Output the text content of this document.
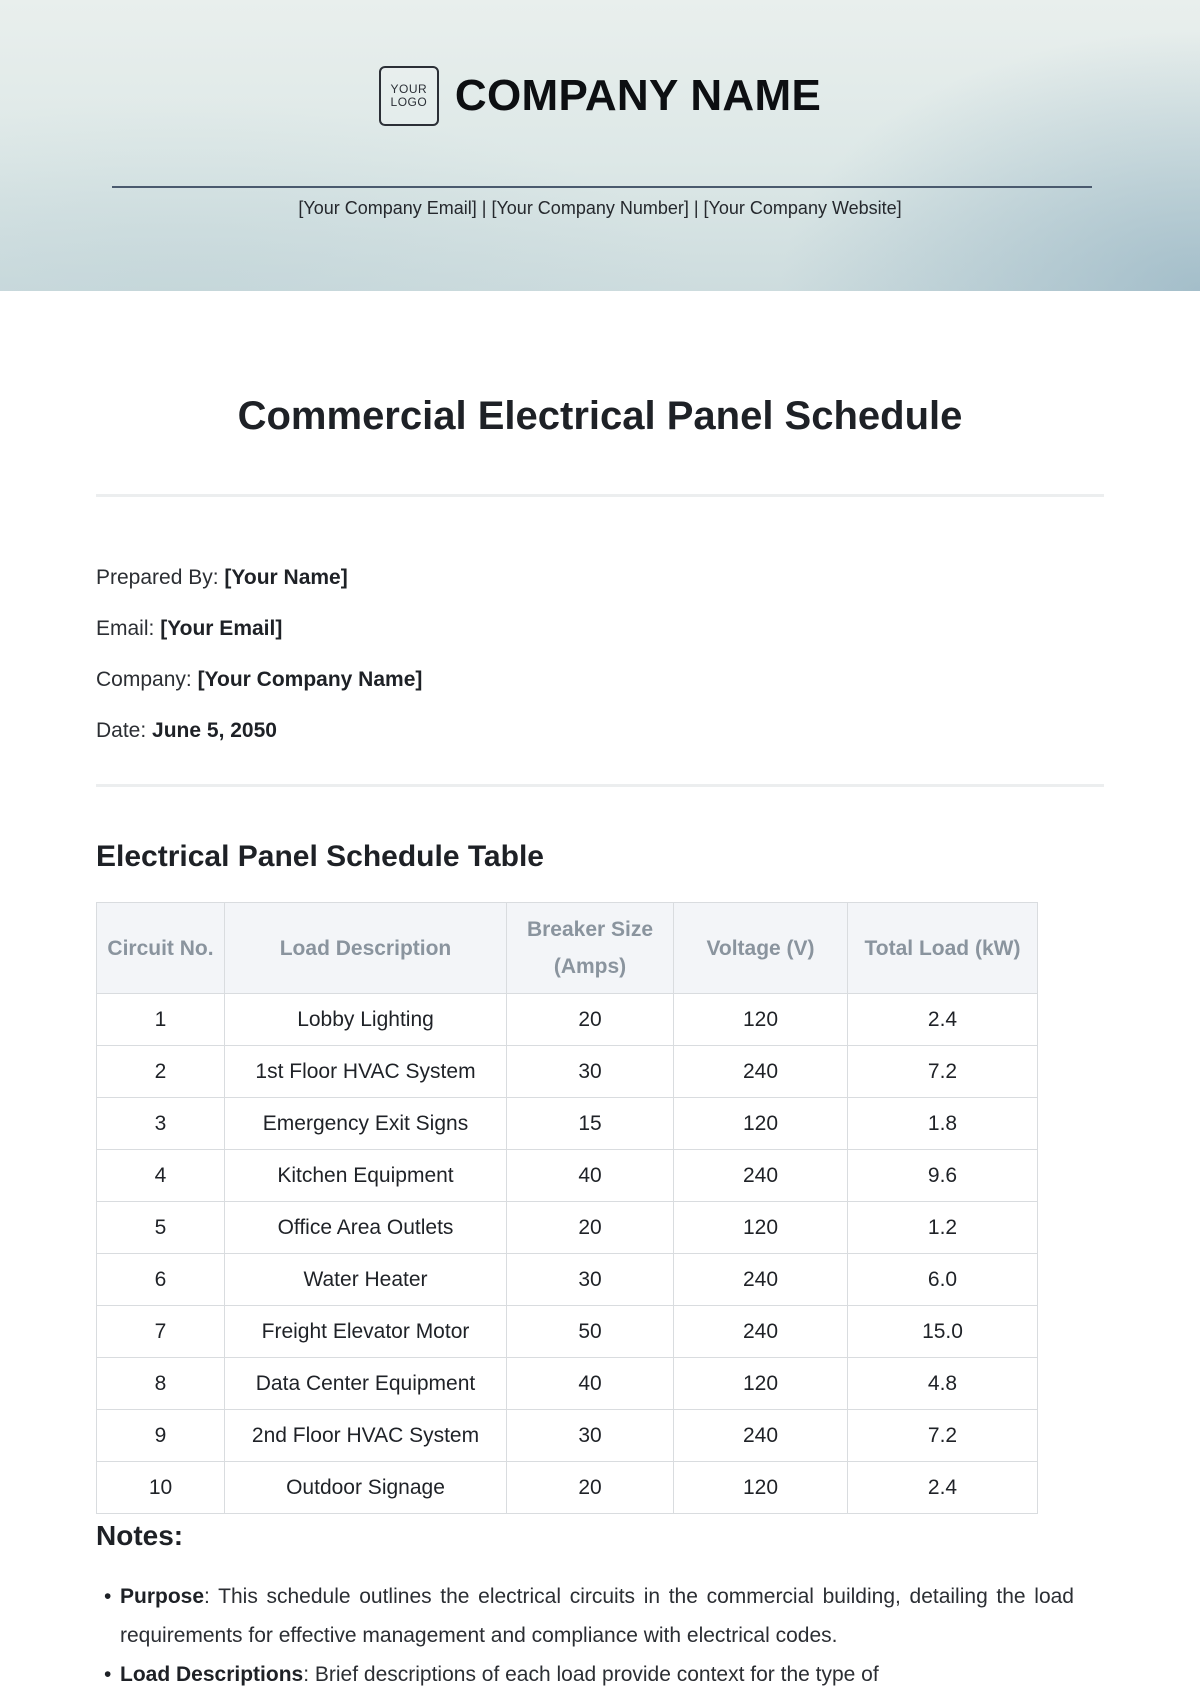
YOUR
LOGO COMPANY NAME
[Your Company Email] | [Your Company Number] | [Your Company Website]
Commercial Electrical Panel Schedule
Prepared By: [Your Name]
Email: [Your Email]
Company: [Your Company Name]
Date: June 5, 2050
Electrical Panel Schedule Table
Circuit No.	Load Description	Breaker Size (Amps)	Voltage (V)	Total Load (kW)
1	Lobby Lighting	20	120	2.4
2	1st Floor HVAC System	30	240	7.2
3	Emergency Exit Signs	15	120	1.8
4	Kitchen Equipment	40	240	9.6
5	Office Area Outlets	20	120	1.2
6	Water Heater	30	240	6.0
7	Freight Elevator Motor	50	240	15.0
8	Data Center Equipment	40	120	4.8
9	2nd Floor HVAC System	30	240	7.2
10	Outdoor Signage	20	120	2.4
Notes:
• Purpose: This schedule outlines the electrical circuits in the commercial building, detailing the load requirements for effective management and compliance with electrical codes.
• Load Descriptions: Brief descriptions of each load provide context for the type of
